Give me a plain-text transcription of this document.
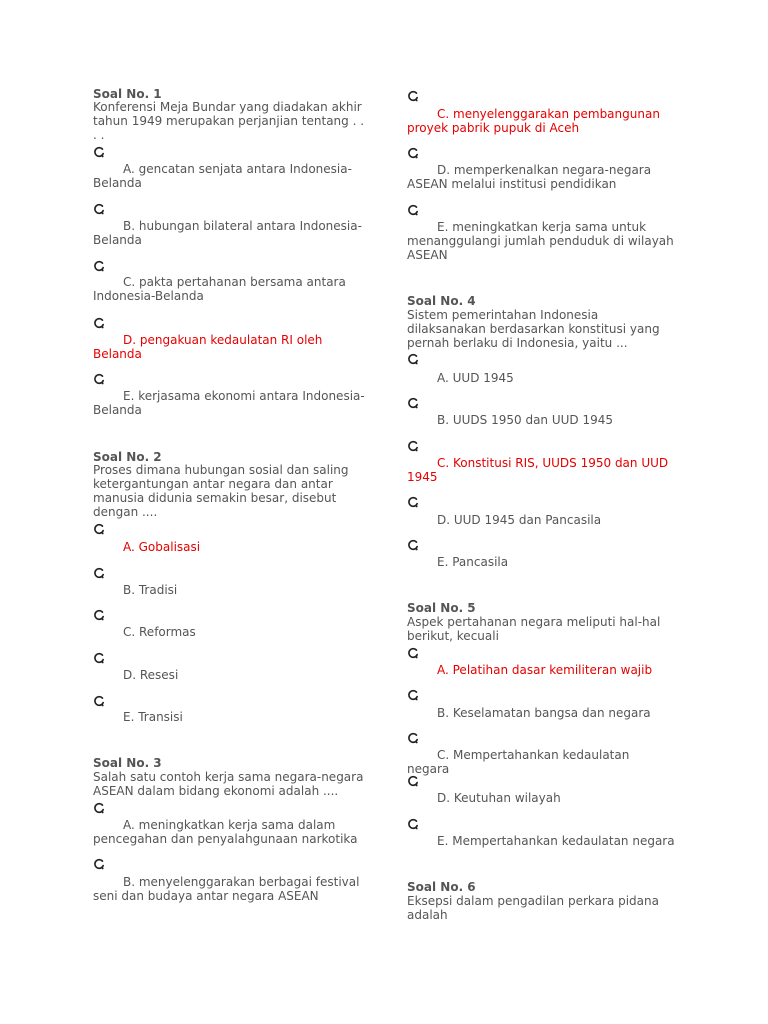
Soal No. 1
Konferensi Meja Bundar yang diadakan akhir tahun 1949 merupakan perjanjian tentang . . . .
A. gencatan senjata antara Indonesia-Belanda
B. hubungan bilateral antara Indonesia-Belanda
C. pakta pertahanan bersama antara Indonesia-Belanda
D. pengakuan kedaulatan RI oleh Belanda
E. kerjasama ekonomi antara Indonesia-Belanda
Soal No. 2
Proses dimana hubungan sosial dan saling ketergantungan antar negara dan antar manusia didunia semakin besar, disebut dengan ....
A. Gobalisasi
B. Tradisi
C. Reformas
D. Resesi
E. Transisi
Soal No. 3
Salah satu contoh kerja sama negara-negara ASEAN dalam bidang ekonomi adalah ....
A. meningkatkan kerja sama dalam pencegahan dan penyalahgunaan narkotika
B. menyelenggarakan berbagai festival seni dan budaya antar negara ASEAN
Soal No. 4
Sistem pemerintahan Indonesia dilaksanakan berdasarkan konstitusi yang pernah berlaku di Indonesia, yaitu ...
A. UUD 1945
B. UUDS 1950 dan UUD 1945
C. Konstitusi RIS, UUDS 1950 dan UUD 1945
D. UUD 1945 dan Pancasila
E. Pancasila
Soal No. 5
Aspek pertahanan negara meliputi hal-hal berikut, kecuali
A. Pelatihan dasar kemiliteran wajib
B. Keselamatan bangsa dan negara
C. Mempertahankan kedaulatan negara
D. Keutuhan wilayah
E. Mempertahankan kedaulatan negara
Soal No. 6
Eksepsi dalam pengadilan perkara pidana adalah
C. menyelenggarakan pembangunan proyek pabrik pupuk di Aceh
D. memperkenalkan negara-negara ASEAN melalui institusi pendidikan
E. meningkatkan kerja sama untuk menanggulangi jumlah penduduk di wilayah ASEAN
